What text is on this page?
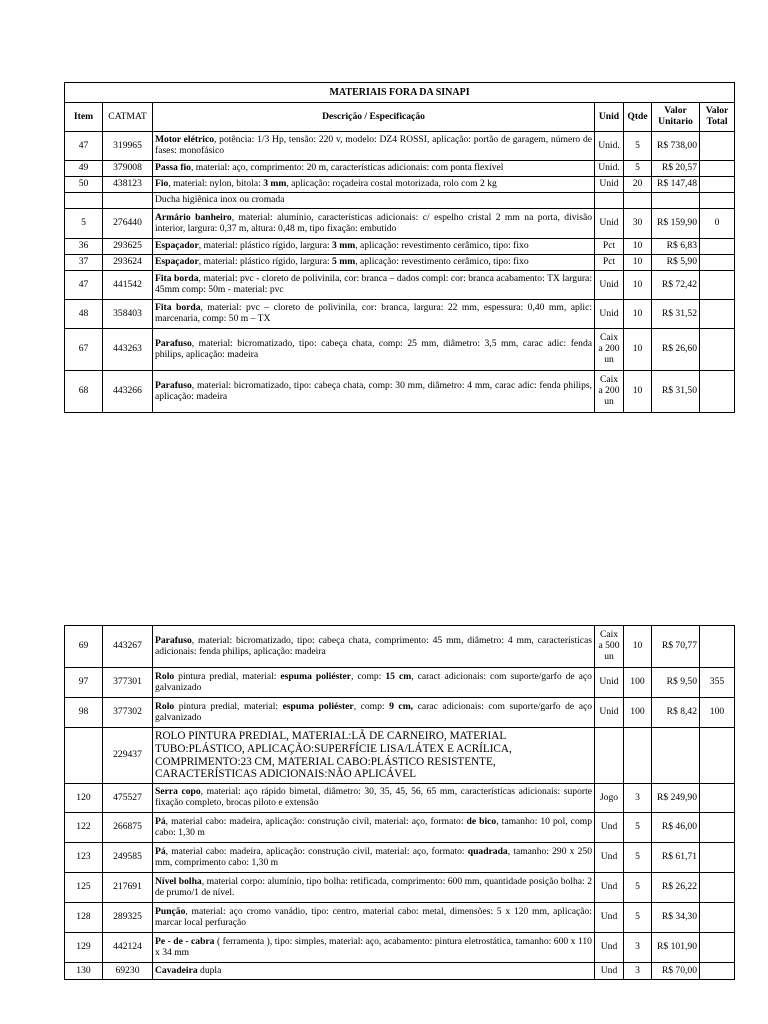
MATERIAIS FORA DA SINAPI						
Item	CATMAT	Descrição / Especificação	Unid	Qtde	Valor Unitario	Valor Total
47	319965	Motor elétrico, potência: 1/3 Hp, tensão: 220 v, modelo: DZ4 ROSSI, aplicação: portão de garagem, número de fases: monofásico	Unid.	5	R$ 738,00	
49	379008	Passa fio, material: aço, comprimento: 20 m, características adicionais: com ponta flexível	Unid.	5	R$ 20,57	
50	438123	Fio, material: nylon, bitola: 3 mm, aplicação: roçadeira costal motorizada, rolo com 2 kg	Unid	20	R$ 147,48	
		Ducha higiênica inox ou cromada				
5	276440	Armário banheiro, material: alumínio, características adicionais: c/ espelho cristal 2 mm na porta, divisão interior, largura: 0,37 m, altura: 0,48 m, tipo fixação: embutido	Unid	30	R$ 159,90	0
36	293625	Espaçador, material: plástico rígido, largura: 3 mm, aplicação: revestimento cerâmico, tipo: fixo	Pct	10	R$ 6,83	
37	293624	Espaçador, material: plástico rígido, largura: 5 mm, aplicação: revestimento cerâmico, tipo: fixo	Pct	10	R$ 5,90	
47	441542	Fita borda, material: pvc - cloreto de polivinila, cor: branca – dados compl: cor: branca acabamento: TX largura: 45mm comp: 50m - material: pvc	Unid	10	R$ 72,42	
48	358403	Fita borda, material: pvc – cloreto de polivinila, cor: branca, largura: 22 mm, espessura: 0,40 mm, aplic: marcenaria, comp: 50 m – TX	Unid	10	R$ 31,52	
67	443263	Parafuso, material: bicromatizado, tipo: cabeça chata, comp: 25 mm, diâmetro: 3,5 mm, carac adic: fenda philips, aplicação: madeira	Caix a 200 un	10	R$ 26,60	
68	443266	Parafuso, material: bicromatizado, tipo: cabeça chata, comp: 30 mm, diâmetro: 4 mm, carac adic: fenda philips, aplicação: madeira	Caix a 200 un	10	R$ 31,50	
69	443267	Parafuso, material: bicromatizado, tipo: cabeça chata, comprimento: 45 mm, diâmetro: 4 mm, características adicionais: fenda philips, aplicação: madeira	Caix a 500 un	10	R$ 70,77	
97	377301	Rolo pintura predial, material: espuma poliéster, comp: 15 cm, caract adicionais: com suporte/garfo de aço galvanizado	Unid	100	R$ 9,50	355
98	377302	Rolo pintura predial, material: espuma poliéster, comp: 9 cm, carac adicionais: com suporte/garfo de aço galvanizado	Unid	100	R$ 8,42	100
	229437	ROLO PINTURA PREDIAL, MATERIAL:LÃ DE CARNEIRO, MATERIAL TUBO:PLÁSTICO, APLICAÇÃO:SUPERFÍCIE LISA/LÁTEX E ACRÍLICA, COMPRIMENTO:23 CM, MATERIAL CABO:PLÁSTICO RESISTENTE, CARACTERÍSTICAS ADICIONAIS:NÃO APLICÁVEL				
120	475527	Serra copo, material: aço rápido bimetal, diâmetro: 30, 35, 45, 56, 65 mm, características adicionais: suporte fixação completo, brocas piloto e extensão	Jogo	3	R$ 249,90	
122	266875	Pá, material cabo: madeira, aplicação: construção civil, material: aço, formato: de bico, tamanho: 10 pol, comp cabo: 1,30 m	Und	5	R$ 46,00	
123	249585	Pá, material cabo: madeira, aplicação: construção civil, material: aço, formato: quadrada, tamanho: 290 x 250 mm, comprimento cabo: 1,30 m	Und	5	R$ 61,71	
125	217691	Nível bolha, material corpo: alumínio, tipo bolha: retificada, comprimento: 600 mm, quantidade posição bolha: 2 de prumo/1 de nível.	Und	5	R$ 26,22	
128	289325	Punção, material: aço cromo vanádio, tipo: centro, material cabo: metal, dimensões: 5 x 120 mm, aplicação: marcar local perfuração	Und	5	R$ 34,30	
129	442124	Pe - de - cabra ( ferramenta ), tipo: simples, material: aço, acabamento: pintura eletrostática, tamanho: 600 x 110 x 34 mm	Und	3	R$ 101,90	
130	69230	Cavadeira dupla	Und	3	R$ 70,00	
